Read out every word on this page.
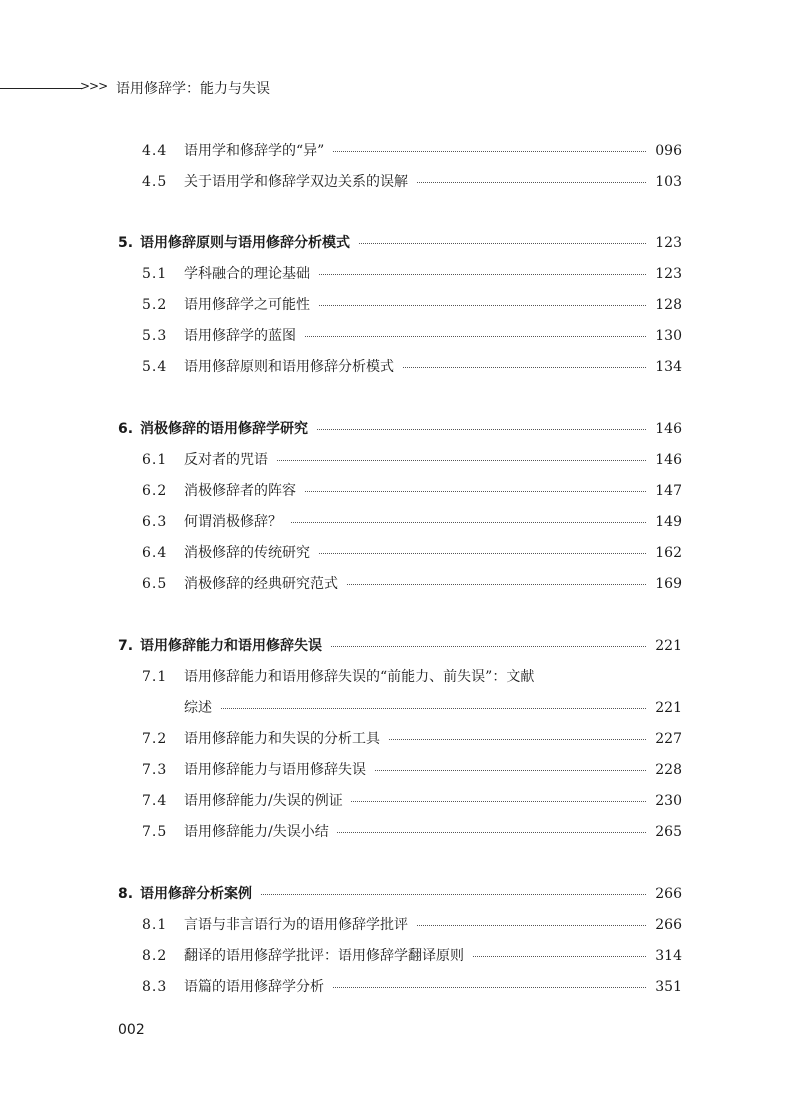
>>> 语用修辞学：能力与失误
4.4 语用学和修辞学的“异”	096
4.5 关于语用学和修辞学双边关系的误解	103
5. 语用修辞原则与语用修辞分析模式	123
5.1 学科融合的理论基础	123
5.2 语用修辞学之可能性	128
5.3 语用修辞学的蓝图	130
5.4 语用修辞原则和语用修辞分析模式	134
6. 消极修辞的语用修辞学研究	146
6.1 反对者的咒语	146
6.2 消极修辞者的阵容	147
6.3 何谓消极修辞？	149
6.4 消极修辞的传统研究	162
6.5 消极修辞的经典研究范式	169
7. 语用修辞能力和语用修辞失误	221
7.1 语用修辞能力和语用修辞失误的“前能力、前失误”：文献
综述	221
7.2 语用修辞能力和失误的分析工具	227
7.3 语用修辞能力与语用修辞失误	228
7.4 语用修辞能力/失误的例证	230
7.5 语用修辞能力/失误小结	265
8. 语用修辞分析案例	266
8.1 言语与非言语行为的语用修辞学批评	266
8.2 翻译的语用修辞学批评：语用修辞学翻译原则	314
8.3 语篇的语用修辞学分析	351
002
